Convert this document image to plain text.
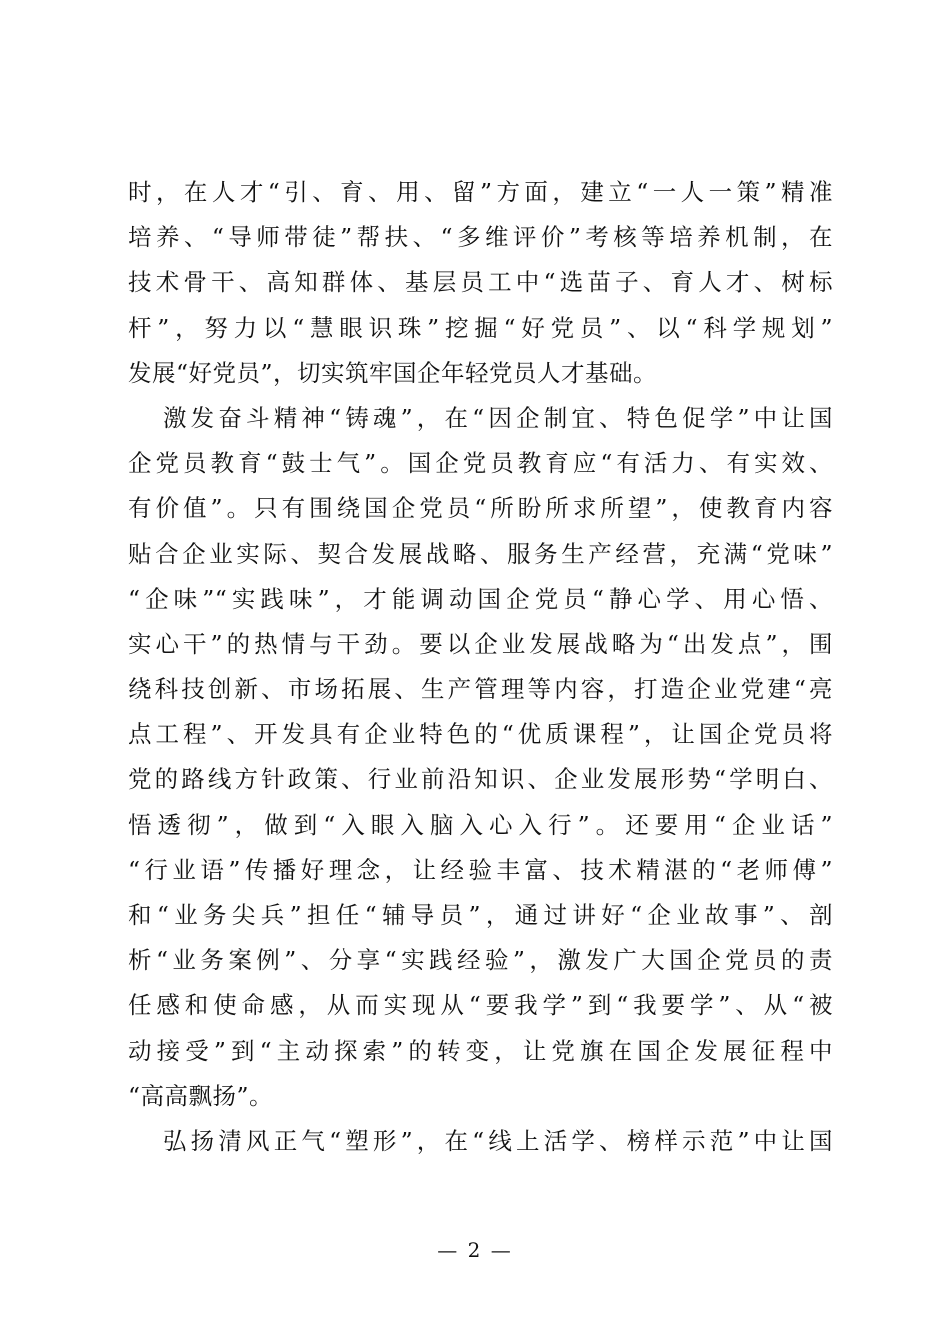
时，在人才“引、育、用、留”方面，建立“一人一策”精准
培养、“导师带徒”帮扶、“多维评价”考核等培养机制，在
技术骨干、高知群体、基层员工中“选苗子、育人才、树标
杆”，努力以“慧眼识珠”挖掘“好党员”、以“科学规划”
发展“好党员”，切实筑牢国企年轻党员人才基础。
激发奋斗精神“铸魂”，在“因企制宜、特色促学”中让国
企党员教育“鼓士气”。国企党员教育应“有活力、有实效、
有价值”。只有围绕国企党员“所盼所求所望”，使教育内容
贴合企业实际、契合发展战略、服务生产经营，充满“党味”
“企味”“实践味”，才能调动国企党员“静心学、用心悟、
实心干”的热情与干劲。要以企业发展战略为“出发点”，围
绕科技创新、市场拓展、生产管理等内容，打造企业党建“亮
点工程”、开发具有企业特色的“优质课程”，让国企党员将
党的路线方针政策、行业前沿知识、企业发展形势“学明白、
悟透彻”，做到“入眼入脑入心入行”。还要用“企业话”
“行业语”传播好理念，让经验丰富、技术精湛的“老师傅”
和“业务尖兵”担任“辅导员”，通过讲好“企业故事”、剖
析“业务案例”、分享“实践经验”，激发广大国企党员的责
任感和使命感，从而实现从“要我学”到“我要学”、从“被
动接受”到“主动探索”的转变，让党旗在国企发展征程中
“高高飘扬”。
弘扬清风正气“塑形”，在“线上活学、榜样示范”中让国
— 2 —
